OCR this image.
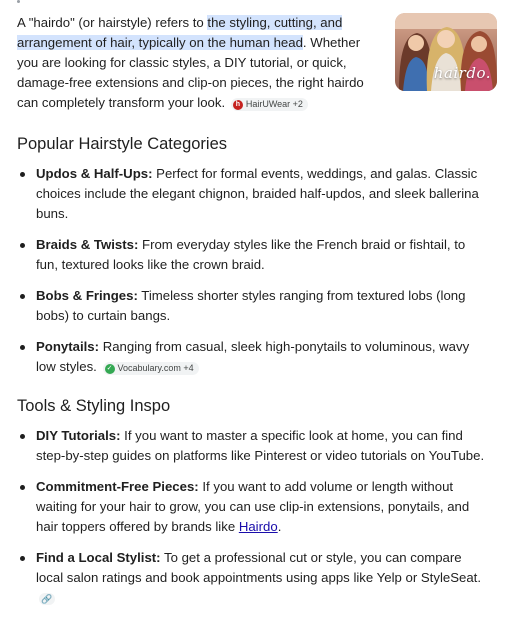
A "hairdo" (or hairstyle) refers to the styling, cutting, and arrangement of hair, typically on the human head. Whether you are looking for classic styles, a DIY tutorial, or quick, damage-free extensions and clip-on pieces, the right hairdo can completely transform your look.	h HairUWear +2

hairdo.
Popular Hairstyle Categories
Updos & Half-Ups: Perfect for formal events, weddings, and galas. Classic choices include the elegant chignon, braided half-updos, and sleek ballerina buns.
Braids & Twists: From everyday styles like the French braid or fishtail, to fun, textured looks like the crown braid.
Bobs & Fringes: Timeless shorter styles ranging from textured lobs (long bobs) to curtain bangs.
Ponytails: Ranging from casual, sleek high-ponytails to voluminous, wavy low styles. ✓ Vocabulary.com +4
Tools & Styling Inspo
DIY Tutorials: If you want to master a specific look at home, you can find step-by-step guides on platforms like Pinterest or video tutorials on YouTube.
Commitment-Free Pieces: If you want to add volume or length without waiting for your hair to grow, you can use clip-in extensions, ponytails, and hair toppers offered by brands like Hairdo.
Find a Local Stylist: To get a professional cut or style, you can compare local salon ratings and book appointments using apps like Yelp or StyleSeat.🔗
